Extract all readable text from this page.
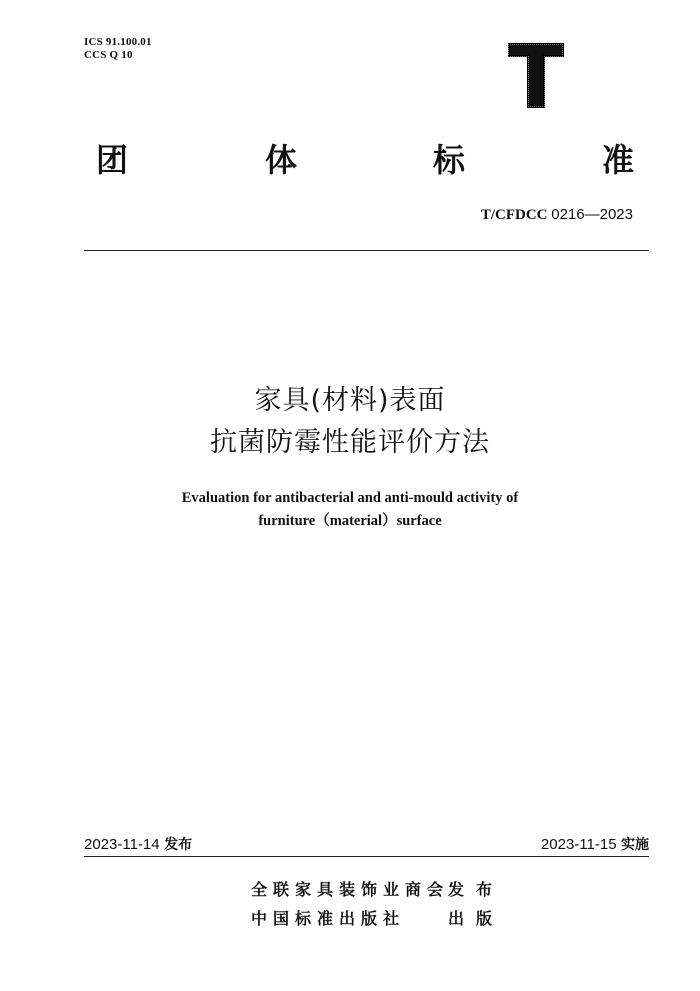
ICS 91.100.01
CCS Q 10
团	体	标	准
T/CFDCC 0216—2023
家具(材料)表面
抗菌防霉性能评价方法
Evaluation for antibacterial and anti-mould activity of
furniture（material）surface
2023-11-14 发布	2023-11-15 实施
全联家具装饰业商会
发布
中国标准出版社	出版
